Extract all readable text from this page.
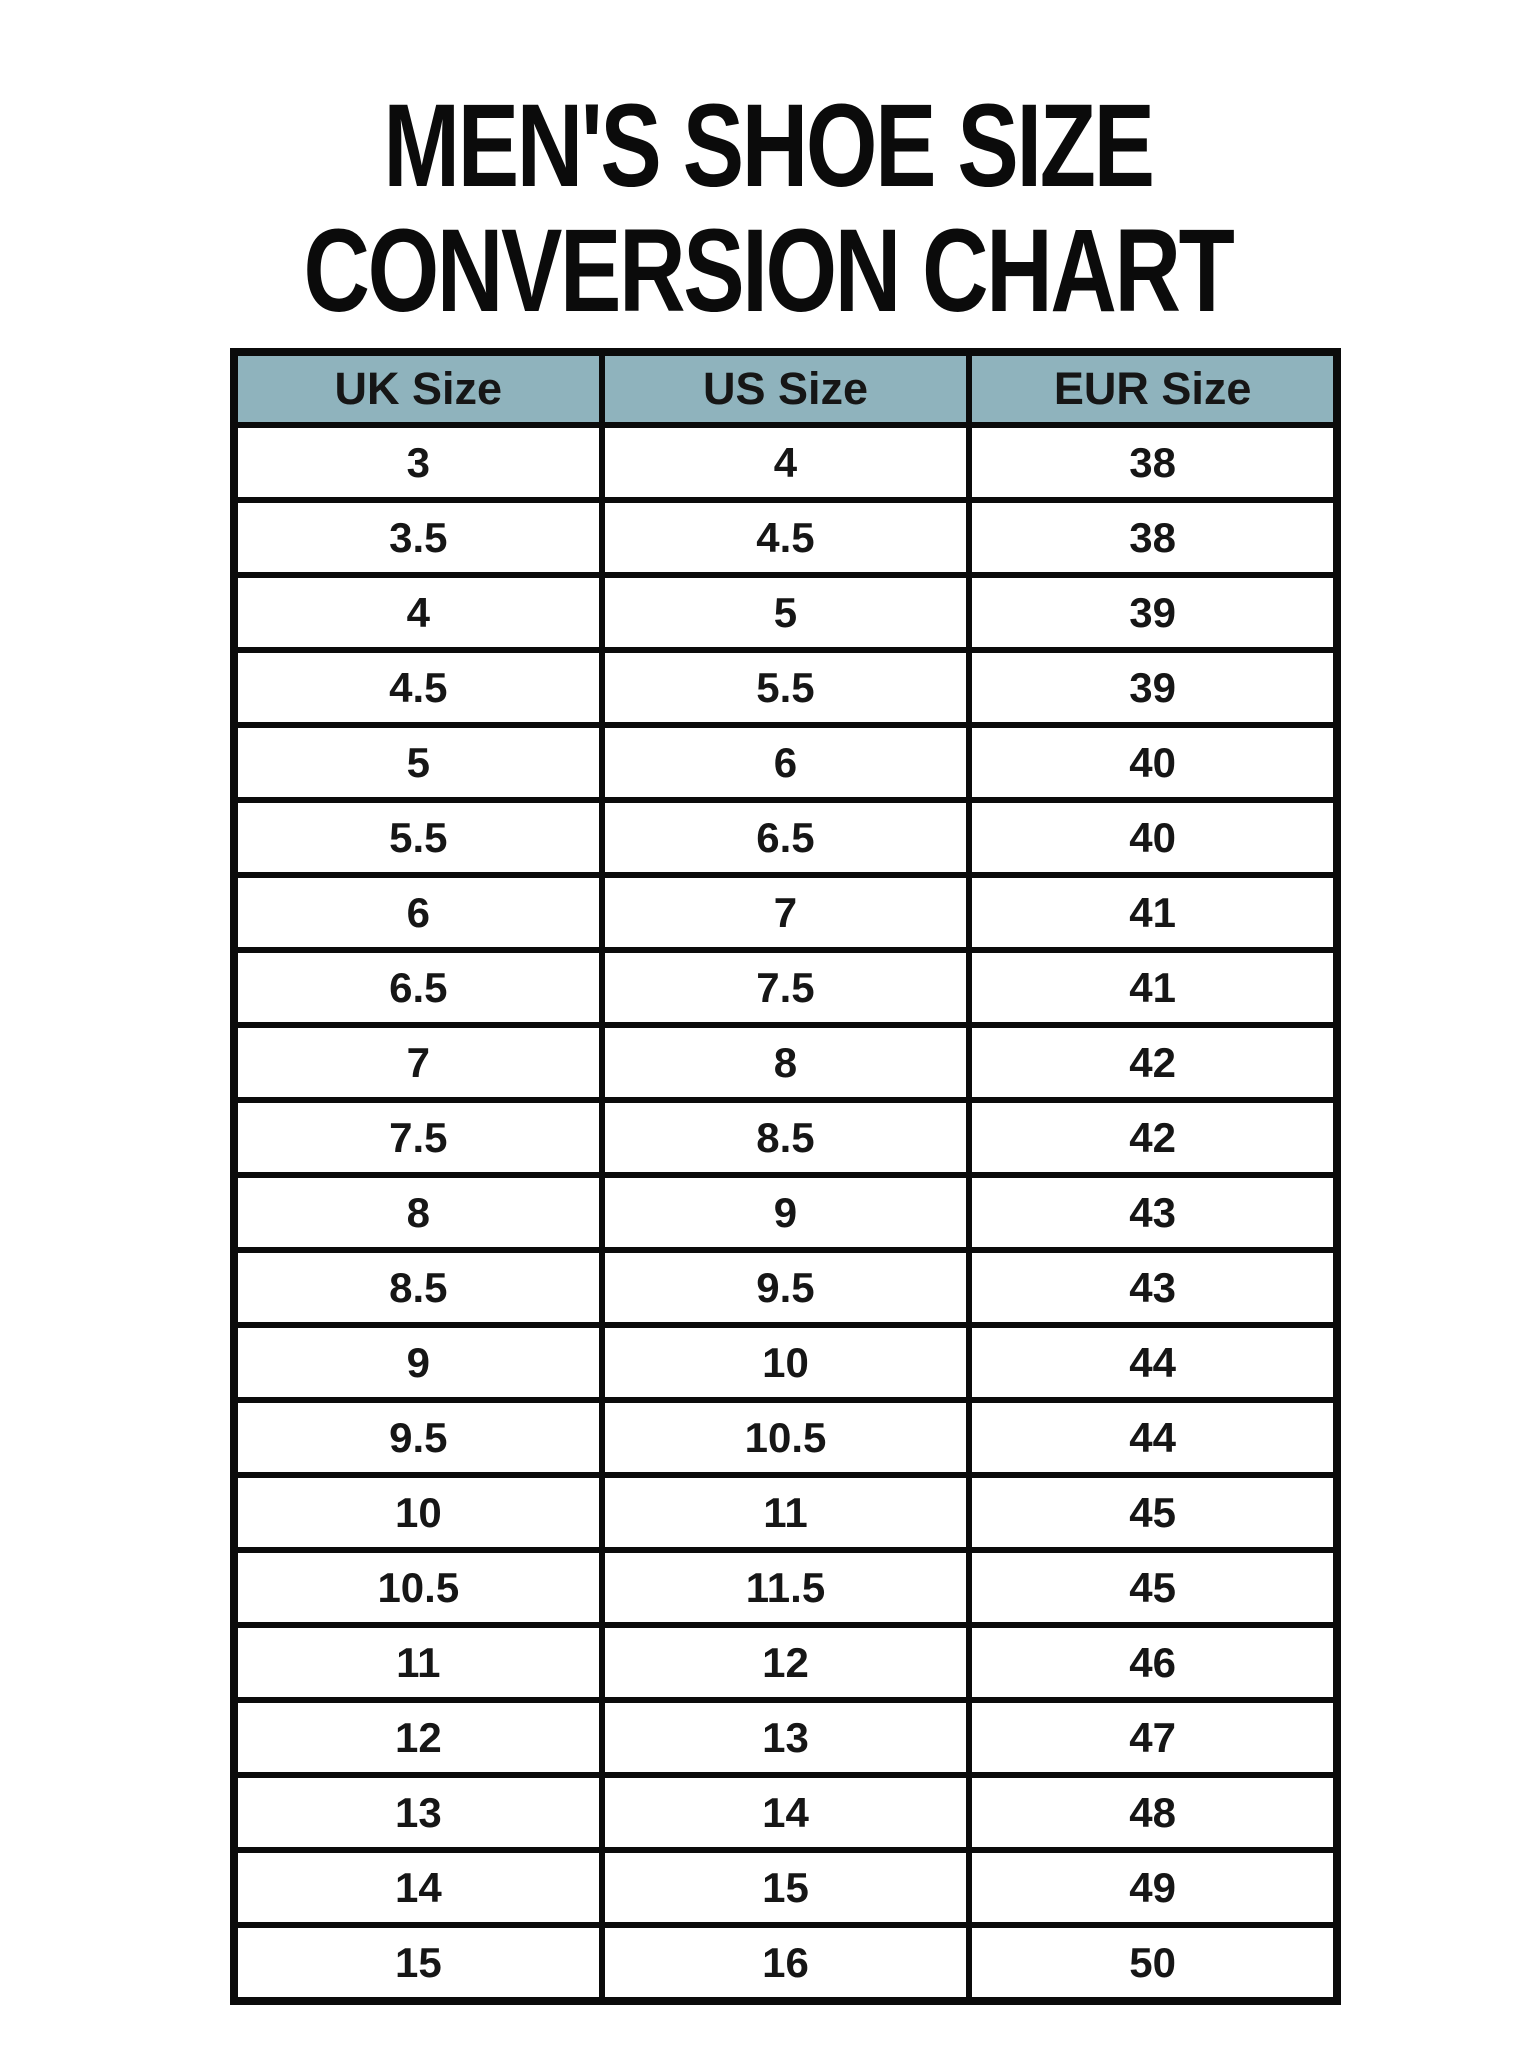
MEN'S SHOE SIZE
CONVERSION CHART
UK Size	US Size	EUR Size
3	4	38
3.5	4.5	38
4	5	39
4.5	5.5	39
5	6	40
5.5	6.5	40
6	7	41
6.5	7.5	41
7	8	42
7.5	8.5	42
8	9	43
8.5	9.5	43
9	10	44
9.5	10.5	44
10	11	45
10.5	11.5	45
11	12	46
12	13	47
13	14	48
14	15	49
15	16	50
